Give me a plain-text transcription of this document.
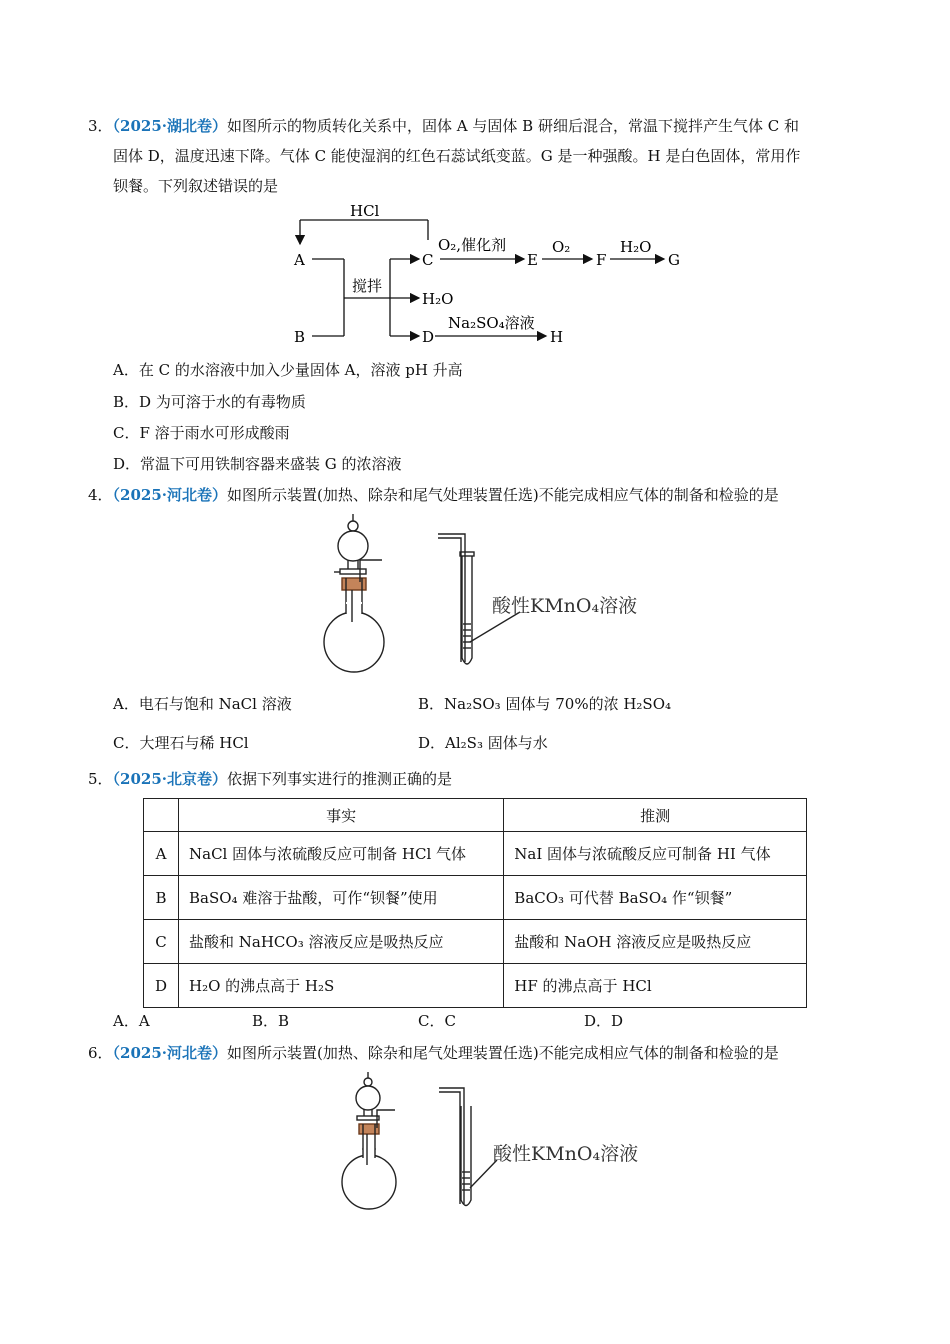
3．（2025·湖北卷）如图所示的物质转化关系中，固体 A 与固体 B 研细后混合，常温下搅拌产生气体 C 和
固体 D，温度迅速下降。气体 C 能使湿润的红色石蕊试纸变蓝。G 是一种强酸。H 是白色固体，常用作
钡餐。下列叙述错误的是
HCl
A
B
搅拌
C
O₂,催化剂
E
O₂
F
H₂O
G
H₂O
D
Na₂SO₄溶液
H
A．在 C 的水溶液中加入少量固体 A，溶液 pH 升高
B．D 为可溶于水的有毒物质
C．F 溶于雨水可形成酸雨
D．常温下可用铁制容器来盛装 G 的浓溶液
4．（2025·河北卷）如图所示装置(加热、除杂和尾气处理装置任选)不能完成相应气体的制备和检验的是
酸性KMnO₄溶液
A．电石与饱和 NaCl 溶液	B．Na₂SO₃ 固体与 70%的浓 H₂SO₄
C．大理石与稀 HCl	D．Al₂S₃ 固体与水
5．（2025·北京卷）依据下列事实进行的推测正确的是
	事实	推测
A	NaCl 固体与浓硫酸反应可制备 HCl 气体	NaI 固体与浓硫酸反应可制备 HI 气体
B	BaSO₄ 难溶于盐酸，可作“钡餐”使用	BaCO₃ 可代替 BaSO₄ 作“钡餐”
C	盐酸和 NaHCO₃ 溶液反应是吸热反应	盐酸和 NaOH 溶液反应是吸热反应
D	H₂O 的沸点高于 H₂S	HF 的沸点高于 HCl
A．A	B．B	C．C	D．D
6．（2025·河北卷）如图所示装置(加热、除杂和尾气处理装置任选)不能完成相应气体的制备和检验的是
酸性KMnO₄溶液
